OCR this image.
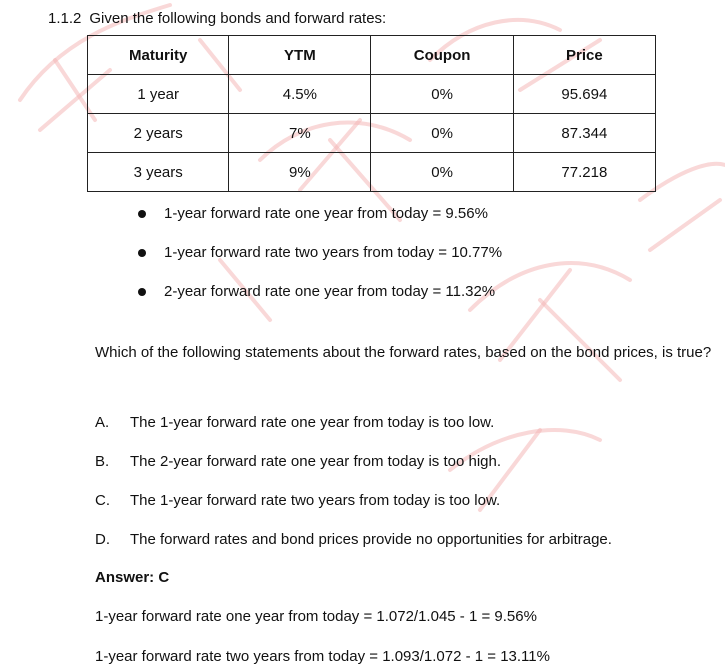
1.1.2 Given the following bonds and forward rates:
Maturity	YTM	Coupon	Price
1 year	4.5%	0%	95.694
2 years	7%	0%	87.344
3 years	9%	0%	77.218
1-year forward rate one year from today = 9.56%
1-year forward rate two years from today = 10.77%
2-year forward rate one year from today = 11.32%
Which of the following statements about the forward rates, based on the bond prices, is true?
A. The 1-year forward rate one year from today is too low.
B. The 2-year forward rate one year from today is too high.
C. The 1-year forward rate two years from today is too low.
D. The forward rates and bond prices provide no opportunities for arbitrage.
Answer: C
1-year forward rate one year from today = 1.072/1.045 - 1 = 9.56%
1-year forward rate two years from today = 1.093/1.072 - 1 = 13.11%
